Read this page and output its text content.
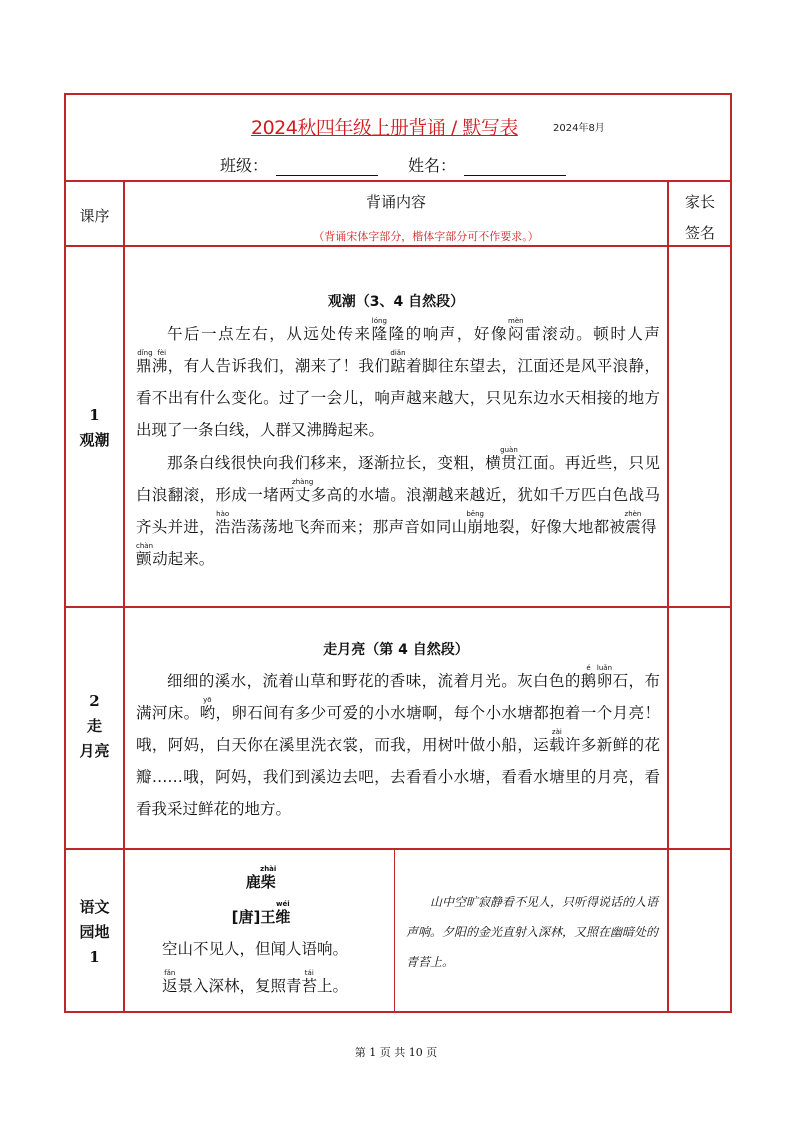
2024秋四年级上册背诵 / 默写表	2024年8月
班级：	姓名：
课序
背诵内容
（背诵宋体字部分，楷体字部分可不作要求。）
家长
签名
1
观潮
观潮（3、4 自然段）

午后一点左右，从远处传来隆lóng隆的响声，好像闷mèn雷滚动。顿时人声鼎沸dǐng fèi，有人告诉我们，潮来了！我们踮diǎn着脚往东望去，江面还是风平浪静，看不出有什么变化。过了一会儿，响声越来越大，只见东边水天相接的地方出现了一条白线，人群又沸腾起来。

那条白线很快向我们移来，逐渐拉长，变粗，横贯guàn江面。再近些，只见白浪翻滚，形成一堵两丈zhàng多高的水墙。浪潮越来越近，犹如千万匹白色战马齐头并进，浩hào浩荡荡地飞奔而来；那声音如同山崩bēng地裂，好像大地都被震zhèn得颤chàn动起来。

2
走
月亮
走月亮（第 4 自然段）

细细的溪水，流着山草和野花的香味，流着月光。灰白色的鹅é卵luǎn石，布满河床。哟yō，卵石间有多少可爱的小水塘啊，每个小水塘都抱着一个月亮！哦，阿妈，白天你在溪里洗衣裳，而我，用树叶做小船，运载zài许多新鲜的花瓣……哦，阿妈，我们到溪边去吧，去看看小水塘，看看水塘里的月亮，看看我采过鲜花的地方。

语文
园地
1
鹿柴zhài
[唐]王维wéi
空山不见人，但闻人语响。
返fǎn景入深林，复照青苔tái上。
山中空旷寂静看不见人，只听得说话的人语声响。夕阳的金光直射入深林，又照在幽暗处的青苔上。
第 1 页 共 10 页
